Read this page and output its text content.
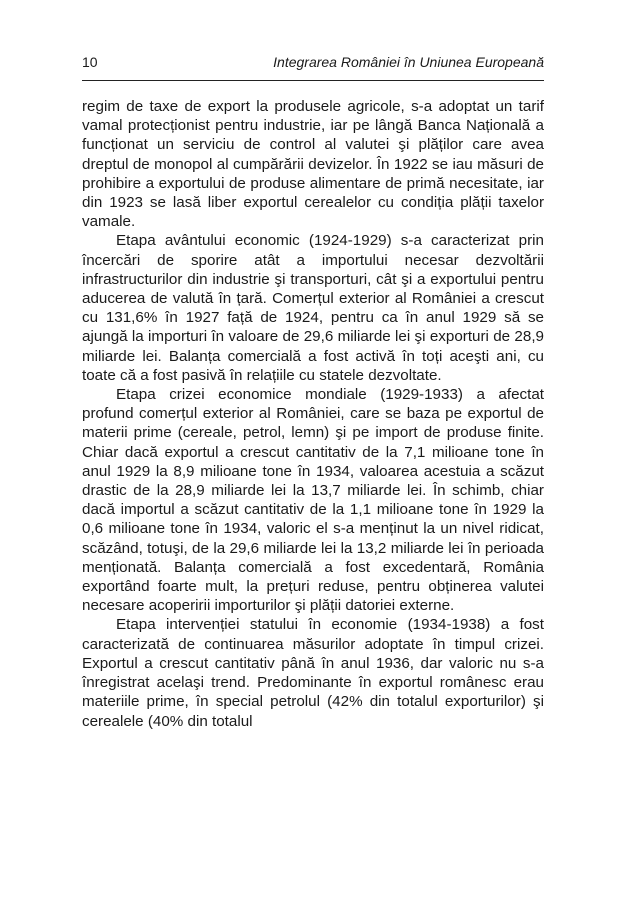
10	Integrarea României în Uniunea Europeană

regim de taxe de export la produsele agricole, s-a adoptat un tarif vamal protecționist pentru industrie, iar pe lângă Banca Națională a funcționat un serviciu de control al valutei şi plăților care avea dreptul de monopol al cumpărării devizelor. În 1922 se iau măsuri de prohibire a exportului de produse alimentare de primă necesitate, iar din 1923 se lasă liber exportul cerealelor cu condiția plății taxelor vamale.

Etapa avântului economic (1924-1929) s-a caracterizat prin încercări de sporire atât a importului necesar dezvoltării infrastructurilor din industrie şi transporturi, cât şi a exportului pentru aducerea de valută în țară. Comerțul exterior al României a crescut cu 131,6% în 1927 față de 1924, pentru ca în anul 1929 să se ajungă la importuri în valoare de 29,6 miliarde lei şi exporturi de 28,9 miliarde lei. Balanța comercială a fost activă în toți aceşti ani, cu toate că a fost pasivă în relațiile cu statele dezvoltate.

Etapa crizei economice mondiale (1929-1933) a afectat profund comerțul exterior al României, care se baza pe exportul de materii prime (cereale, petrol, lemn) şi pe import de produse finite. Chiar dacă exportul a crescut cantitativ de la 7,1 milioane tone în anul 1929 la 8,9 milioane tone în 1934, valoarea acestuia a scăzut drastic de la 28,9 miliarde lei la 13,7 miliarde lei. În schimb, chiar dacă importul a scăzut cantitativ de la 1,1 milioane tone în 1929 la 0,6 milioane tone în 1934, valoric el s-a menținut la un nivel ridicat, scăzând, totuşi, de la 29,6 miliarde lei la 13,2 miliarde lei în perioada menționată. Balanța comercială a fost excedentară, România exportând foarte mult, la prețuri reduse, pentru obținerea valutei necesare acoperirii importurilor şi plății datoriei externe.

Etapa intervenției statului în economie (1934-1938) a fost caracterizată de continuarea măsurilor adoptate în timpul crizei. Exportul a crescut cantitativ până în anul 1936, dar valoric nu s-a înregistrat acelaşi trend. Predominante în exportul românesc erau materiile prime, în special petrolul (42% din totalul exporturilor) şi cerealele (40% din totalul
